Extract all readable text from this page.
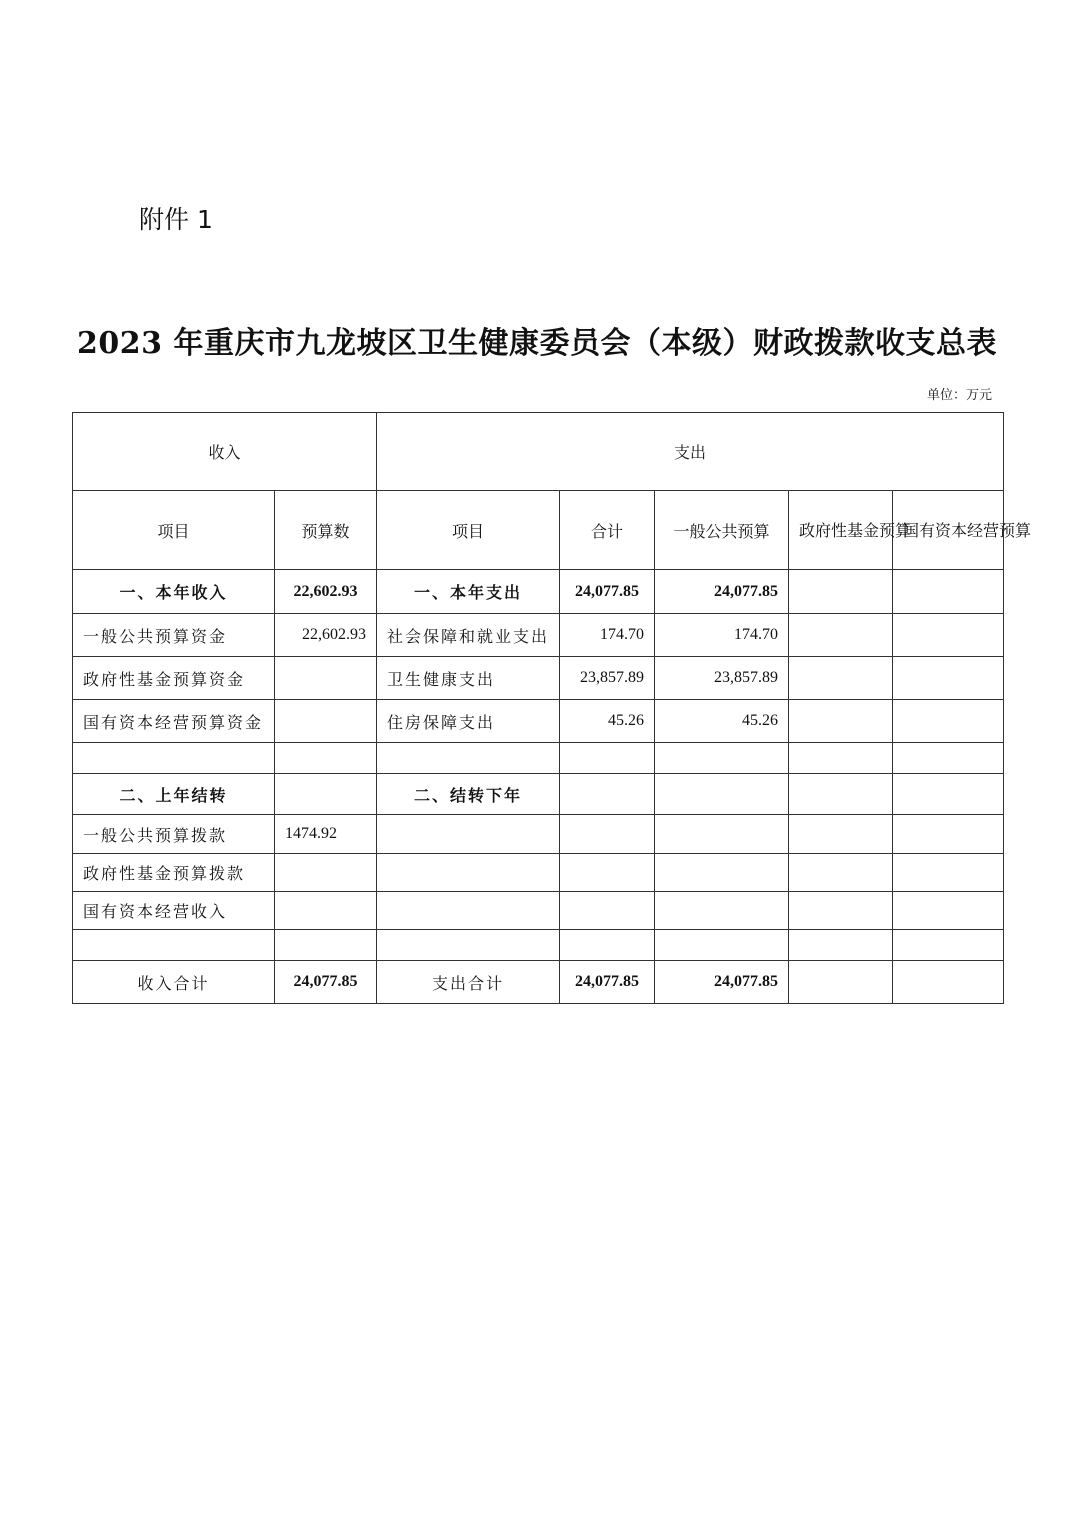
附件 1
2023 年重庆市九龙坡区卫生健康委员会（本级）财政拨款收支总表
单位：万元
收入		支出				
项目	预算数	项目	合计	一般公共预算	政府性基金预算	国有资本经营预算
一、本年收入	22,602.93	一、本年支出	24,077.85	24,077.85		
一般公共预算资金	22,602.93	社会保障和就业支出	174.70	174.70		
政府性基金预算资金		卫生健康支出	23,857.89	23,857.89		
国有资本经营预算资金		住房保障支出	45.26	45.26		

二、上年结转		二、结转下年				
一般公共预算拨款	1474.92					
政府性基金预算拨款						
国有资本经营收入						

收入合计	24,077.85	支出合计	24,077.85	24,077.85		
